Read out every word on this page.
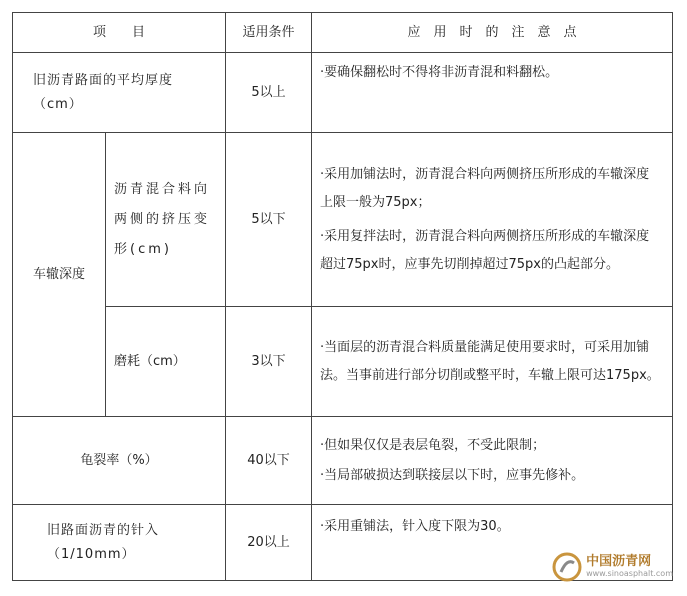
项　　目		适用条件	应　用　时　的　注　意　点
旧沥青路面的平均厚度（cm）		5以上	·要确保翻松时不得将非沥青混和料翻松。

车辙深度	沥青混合料向两侧的挤压变形(cm)	5以下	·采用加铺法时，沥青混合料向两侧挤压所形成的车辙深度上限一般为75px；

·采用复拌法时，沥青混合料向两侧挤压所形成的车辙深度超过75px时，应事先切削掉超过75px的凸起部分。

	磨耗（cm）	3以下	·当面层的沥青混合料质量能满足使用要求时，可采用加铺法。当事前进行部分切削或整平时，车辙上限可达175px。

龟裂率（%）		40以下	·但如果仅仅是表层龟裂，不受此限制；

·当局部破损达到联接层以下时，应事先修补。

旧路面沥青的针入（1/10mm）		20以上	·采用重铺法，针入度下限为30。

中国沥青网
www.sinoasphalt.com
